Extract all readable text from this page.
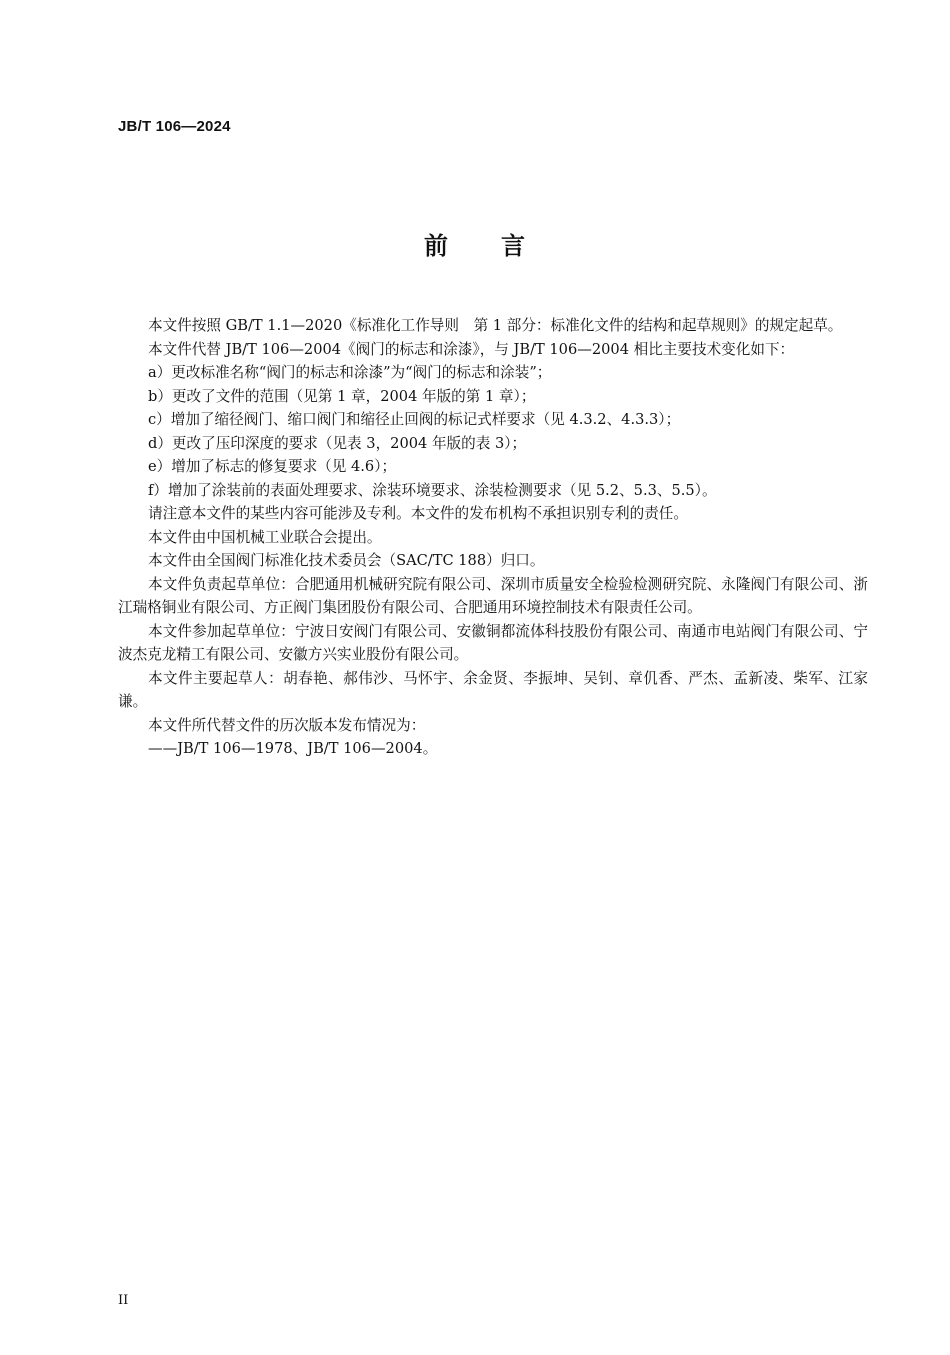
JB/T 106—2024
前 言

本文件按照 GB/T 1.1—2020《标准化工作导则　第 1 部分：标准化文件的结构和起草规则》的规定起草。

本文件代替 JB/T 106—2004《阀门的标志和涂漆》，与 JB/T 106—2004 相比主要技术变化如下：

a）更改标准名称“阀门的标志和涂漆”为“阀门的标志和涂装”；

b）更改了文件的范围（见第 1 章，2004 年版的第 1 章）；

c）增加了缩径阀门、缩口阀门和缩径止回阀的标记式样要求（见 4.3.2、4.3.3）；

d）更改了压印深度的要求（见表 3，2004 年版的表 3）；

e）增加了标志的修复要求（见 4.6）；

f）增加了涂装前的表面处理要求、涂装环境要求、涂装检测要求（见 5.2、5.3、5.5）。

请注意本文件的某些内容可能涉及专利。本文件的发布机构不承担识别专利的责任。

本文件由中国机械工业联合会提出。

本文件由全国阀门标准化技术委员会（SAC/TC 188）归口。

本文件负责起草单位：合肥通用机械研究院有限公司、深圳市质量安全检验检测研究院、永隆阀门有限公司、浙江瑞格铜业有限公司、方正阀门集团股份有限公司、合肥通用环境控制技术有限责任公司。

本文件参加起草单位：宁波日安阀门有限公司、安徽铜都流体科技股份有限公司、南通市电站阀门有限公司、宁波杰克龙精工有限公司、安徽方兴实业股份有限公司。

本文件主要起草人：胡春艳、郝伟沙、马怀宇、余金贤、李振坤、吴钊、章仉香、严杰、孟新凌、柴军、江家谦。

本文件所代替文件的历次版本发布情况为：

——JB/T 106—1978、JB/T 106—2004。

II
